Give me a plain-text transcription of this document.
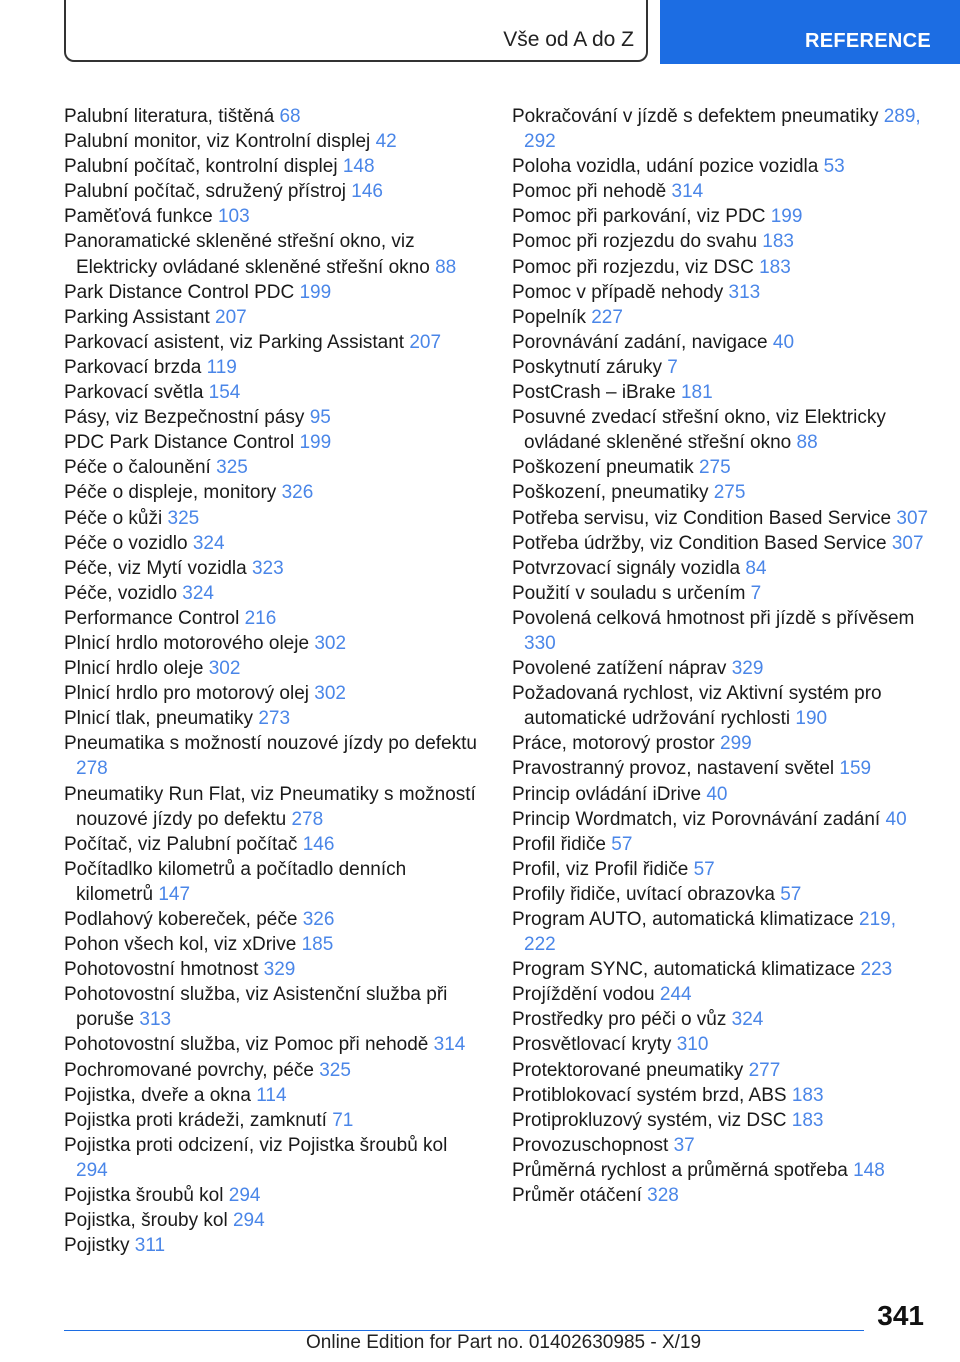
Vše od A do Z	REFERENCE
Palubní literatura, tištěná 68
Palubní monitor, viz Kontrolní displej 42
Palubní počítač, kontrolní displej 148
Palubní počítač, sdružený přístroj 146
Paměťová funkce 103
Panoramatické skleněné střešní okno, viz Elektricky ovládané skleněné střešní okno 88
Park Distance Control PDC 199
Parking Assistant 207
Parkovací asistent, viz Parking Assistant 207
Parkovací brzda 119
Parkovací světla 154
Pásy, viz Bezpečnostní pásy 95
PDC Park Distance Control 199
Péče o čalounění 325
Péče o displeje, monitory 326
Péče o kůži 325
Péče o vozidlo 324
Péče, viz Mytí vozidla 323
Péče, vozidlo 324
Performance Control 216
Plnicí hrdlo motorového oleje 302
Plnicí hrdlo oleje 302
Plnicí hrdlo pro motorový olej 302
Plnicí tlak, pneumatiky 273
Pneumatika s možností nouzové jízdy po defektu 278
Pneumatiky Run Flat, viz Pneumatiky s možností nouzové jízdy po defektu 278
Počítač, viz Palubní počítač 146
Počítadlko kilometrů a počítadlo denních kilometrů 147
Podlahový kobereček, péče 326
Pohon všech kol, viz xDrive 185
Pohotovostní hmotnost 329
Pohotovostní služba, viz Asistenční služba při poruše 313
Pohotovostní služba, viz Pomoc při nehodě 314
Pochromované povrchy, péče 325
Pojistka, dveře a okna 114
Pojistka proti krádeži, zamknutí 71
Pojistka proti odcizení, viz Pojistka šroubů kol 294
Pojistka šroubů kol 294
Pojistka, šrouby kol 294
Pojistky 311
Pokračování v jízdě s defektem pneumatiky 289, 292
Poloha vozidla, udání pozice vozidla 53
Pomoc při nehodě 314
Pomoc při parkování, viz PDC 199
Pomoc při rozjezdu do svahu 183
Pomoc při rozjezdu, viz DSC 183
Pomoc v případě nehody 313
Popelník 227
Porovnávání zadání, navigace 40
Poskytnutí záruky 7
PostCrash – iBrake 181
Posuvné zvedací střešní okno, viz Elektricky ovládané skleněné střešní okno 88
Poškození pneumatik 275
Poškození, pneumatiky 275
Potřeba servisu, viz Condition Based Service 307
Potřeba údržby, viz Condition Based Service 307
Potvrzovací signály vozidla 84
Použití v souladu s určením 7
Povolená celková hmotnost při jízdě s přívěsem 330
Povolené zatížení náprav 329
Požadovaná rychlost, viz Aktivní systém pro automatické udržování rychlosti 190
Práce, motorový prostor 299
Pravostranný provoz, nastavení světel 159
Princip ovládání iDrive 40
Princip Wordmatch, viz Porovnávání zadání 40
Profil řidiče 57
Profil, viz Profil řidiče 57
Profily řidiče, uvítací obrazovka 57
Program AUTO, automatická klimatizace 219, 222
Program SYNC, automatická klimatizace 223
Projíždění vodou 244
Prostředky pro péči o vůz 324
Prosvětlovací kryty 310
Protektorované pneumatiky 277
Protiblokovací systém brzd, ABS 183
Protiprokluzový systém, viz DSC 183
Provozuschopnost 37
Průměrná rychlost a průměrná spotřeba 148
Průměr otáčení 328
341
Online Edition for Part no. 01402630985 - X/19
